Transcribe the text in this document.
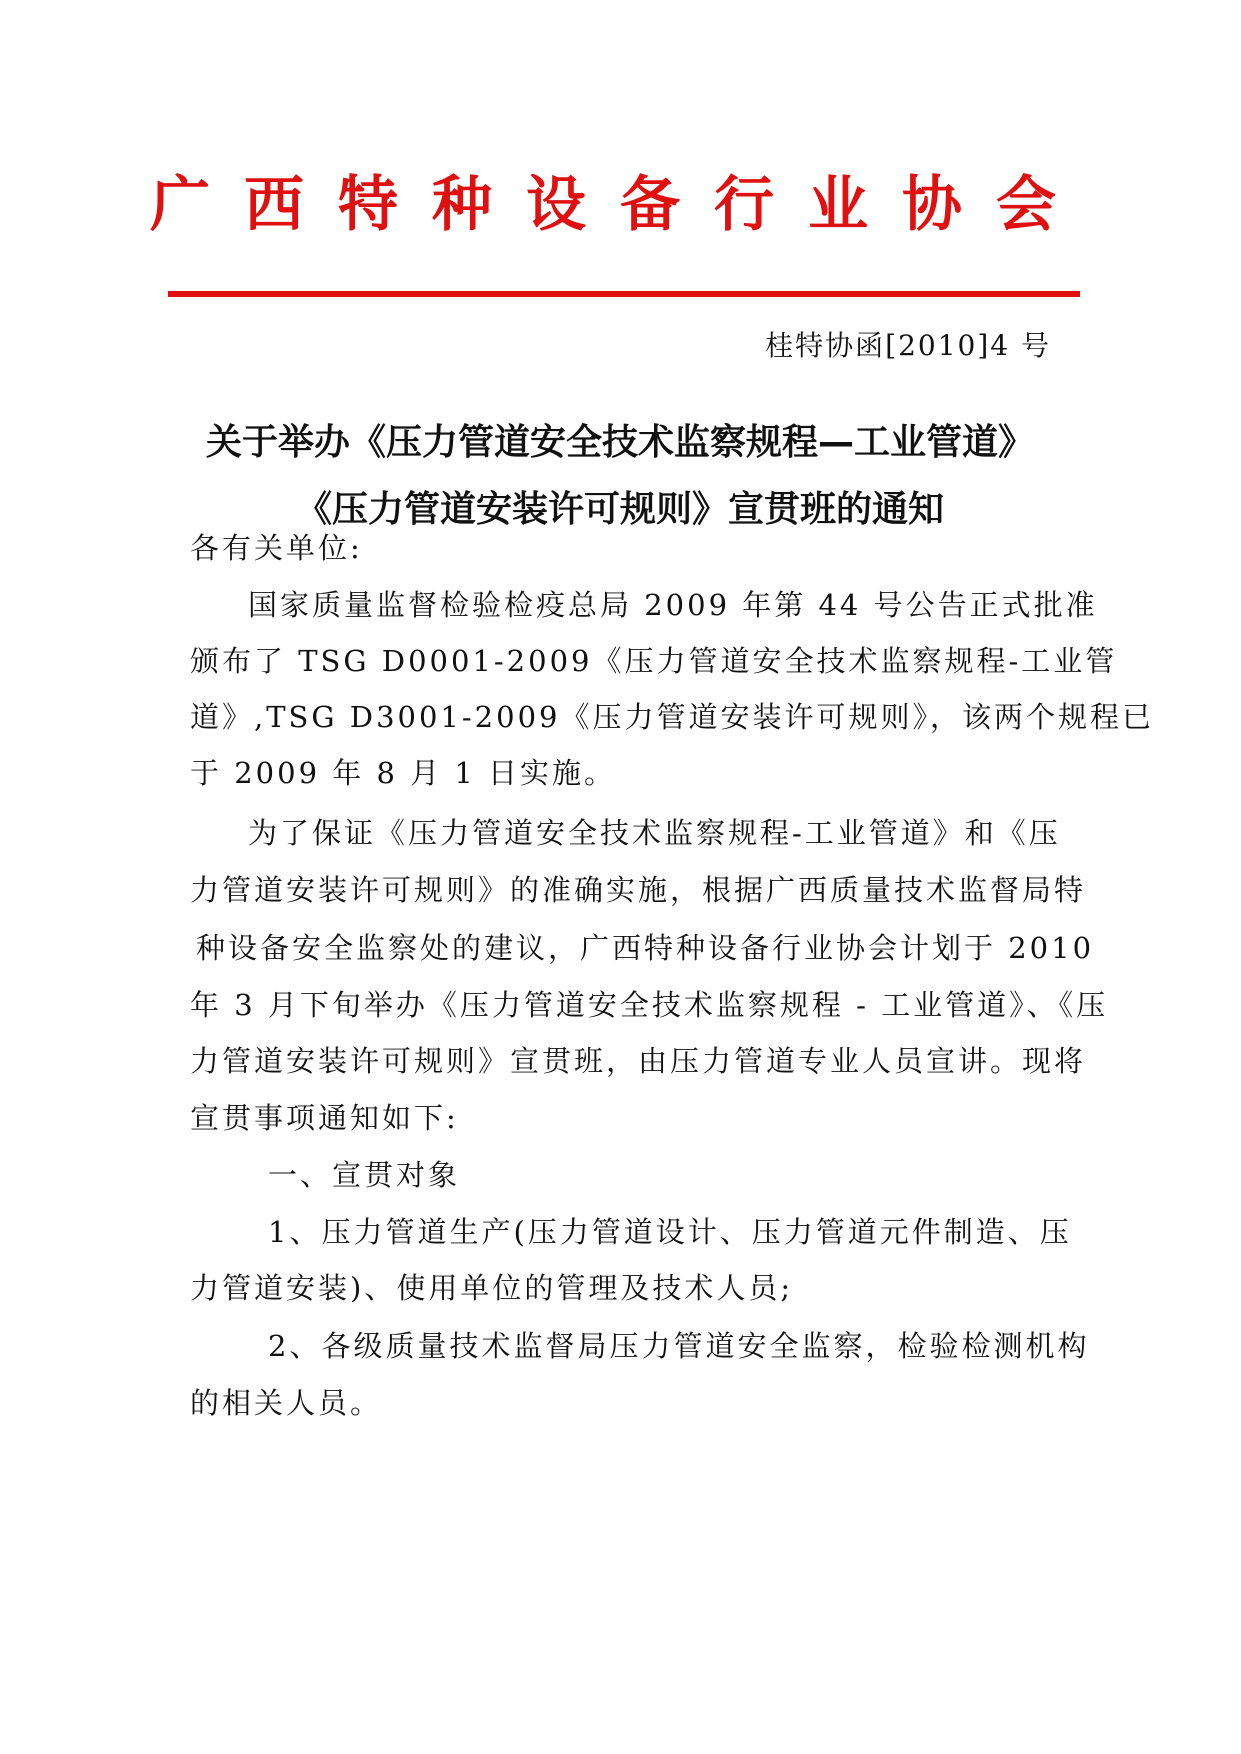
广西特种设备行业协会
桂特协函[2010]4 号
关于举办《压力管道安全技术监察规程—工业管道》
《压力管道安装许可规则》宣贯班的通知
各有关单位:
国家质量监督检验检疫总局 2009 年第 44 号公告正式批准
颁布了 TSG D0001-2009《压力管道安全技术监察规程-工业管
道》,TSG D3001-2009《压力管道安装许可规则》，该两个规程已
于 2009 年 8 月 1 日实施。
为了保证《压力管道安全技术监察规程-工业管道》和《压
力管道安装许可规则》的准确实施，根据广西质量技术监督局特
种设备安全监察处的建议，广西特种设备行业协会计划于 2010
年 3 月下旬举办《压力管道安全技术监察规程 - 工业管道》、《压
力管道安装许可规则》宣贯班，由压力管道专业人员宣讲。现将
宣贯事项通知如下:
一、宣贯对象
1、压力管道生产(压力管道设计、压力管道元件制造、压
力管道安装)、使用单位的管理及技术人员;
2、各级质量技术监督局压力管道安全监察，检验检测机构
的相关人员。
